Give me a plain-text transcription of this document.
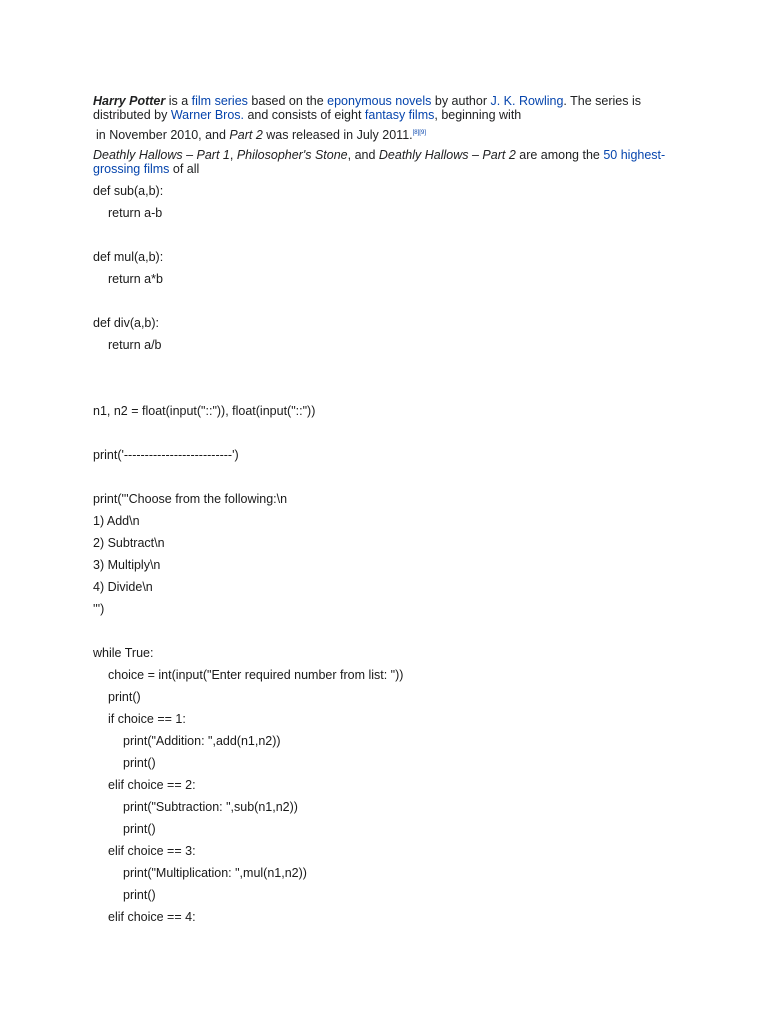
Harry Potter is a film series based on the eponymous novels by author J. K. Rowling. The series is distributed by Warner Bros. and consists of eight fantasy films, beginning with

in November 2010, and Part 2 was released in July 2011.[8][9]

Deathly Hallows – Part 1, Philosopher's Stone, and Deathly Hallows – Part 2 are among the 50 highest-grossing films of all

def sub(a,b):
return a-b
def mul(a,b):
return a*b
def div(a,b):
return a/b
n1, n2 = float(input("::")), float(input("::"))
print('--------------------------')
print('''Choose from the following:\n
1) Add\n
2) Subtract\n
3) Multiply\n
4) Divide\n
''')
while True:
choice = int(input("Enter required number from list: "))
print()
if choice == 1:
print("Addition: ",add(n1,n2))
print()
elif choice == 2:
print("Subtraction: ",sub(n1,n2))
print()
elif choice == 3:
print("Multiplication: ",mul(n1,n2))
print()
elif choice == 4:
